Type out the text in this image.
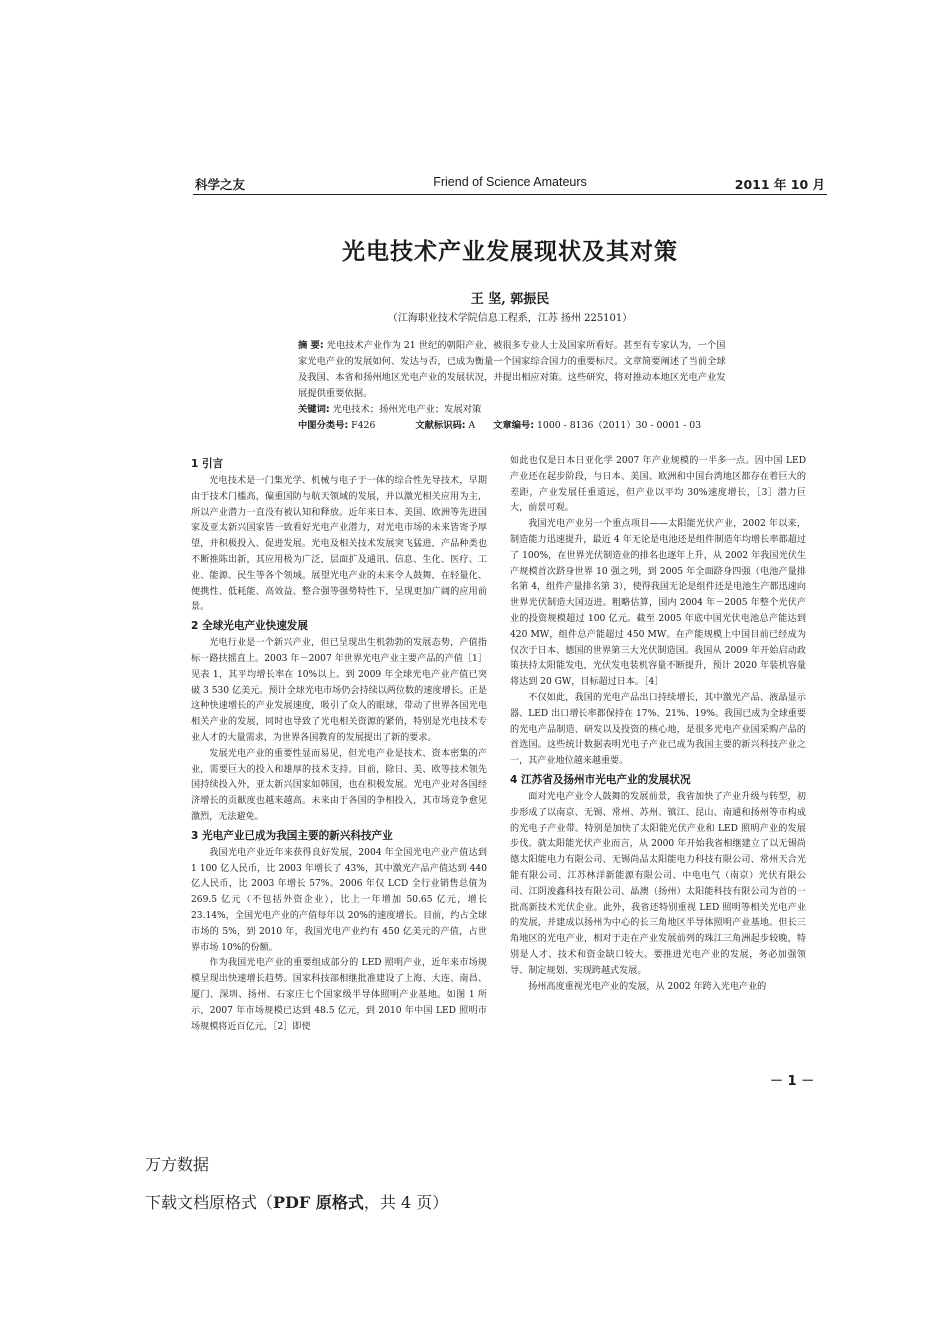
科学之友	Friend of Science Amateurs	2011 年 10 月
光电技术产业发展现状及其对策
王 坚, 郭振民
（江海职业技术学院信息工程系，江苏 扬州 225101）
摘 要: 光电技术产业作为 21 世纪的朝阳产业，被很多专业人士及国家所看好。甚至有专家认为，一个国家光电产业的发展如何、发达与否，已成为衡量一个国家综合国力的重要标尺。文章简要阐述了当前全球及我国、本省和扬州地区光电产业的发展状况，并提出相应对策。这些研究，将对推动本地区光电产业发展提供重要依据。
关键词: 光电技术；扬州光电产业；发展对策
中图分类号: F426	文献标识码: A 文章编号: 1000 - 8136（2011）30 - 0001 - 03
1 引言

光电技术是一门集光学、机械与电子于一体的综合性先导技术，早期由于技术门槛高，偏重国防与航天领域的发展，并以激光相关应用为主，所以产业潜力一直没有被认知和释放。近年来日本、美国、欧洲等先进国家及亚太新兴国家皆一致看好光电产业潜力，对光电市场的未来皆寄予厚望，并积极投入、促进发展。光电及相关技术发展突飞猛进，产品种类也不断推陈出新，其应用极为广泛，层面扩及通讯、信息、生化、医疗、工业、能源、民生等各个领域。展望光电产业的未来令人鼓舞，在轻量化、便携性、低耗能、高效益、整合强等强势特性下，呈现更加广阔的应用前景。

2 全球光电产业快速发展

光电行业是一个新兴产业，但已呈现出生机勃勃的发展态势，产值指标一路扶摇直上。2003 年－2007 年世界光电产业主要产品的产值［1］见表 1，其平均增长率在 10%以上。到 2009 年全球光电产业产值已突破 3 530 亿美元。预计全球光电市场仍会持续以两位数的速度增长。正是这种快速增长的产业发展速度，吸引了众人的眼球，带动了世界各国光电相关产业的发展，同时也导致了光电相关资源的紧俏，特别是光电技术专业人才的大量需求，为世界各国教育的发展提出了新的要求。

发展光电产业的重要性显而易见，但光电产业是技术、资本密集的产业，需要巨大的投入和雄厚的技术支持。目前，除日、美、欧等技术领先国持续投入外，亚太新兴国家如韩国，也在积极发展。光电产业对各国经济增长的贡献度也越来越高。未来由于各国的争相投入，其市场竞争愈见激烈，无法避免。

3 光电产业已成为我国主要的新兴科技产业

我国光电产业近年来获得良好发展，2004 年全国光电产业产值达到 1 100 亿人民币，比 2003 年增长了 43%，其中激光产品产值达到 440 亿人民币，比 2003 年增长 57%。2006 年仅 LCD 全行业销售总值为 269.5 亿元（不包括外资企业），比上一年增加 50.65 亿元，增长 23.14%，全国光电产业的产值每年以 20%的速度增长。目前，约占全球市场的 5%，到 2010 年，我国光电产业约有 450 亿美元的产值，占世界市场 10%的份额。

作为我国光电产业的重要组成部分的 LED 照明产业，近年来市场规模呈现出快速增长趋势。国家科技部相继批准建设了上海、大连、南昌、厦门、深圳、扬州、石家庄七个国家级半导体照明产业基地。如图 1 所示，2007 年市场规模已达到 48.5 亿元，到 2010 年中国 LED 照明市场规模将近百亿元，［2］即使

如此也仅是日本日亚化学 2007 年产业规模的一半多一点。因中国 LED 产业还在起步阶段，与日本、美国、欧洲和中国台湾地区都存在着巨大的差距，产业发展任重道远，但产业以平均 30%速度增长，［3］潜力巨大，前景可观。

我国光电产业另一个重点项目——太阳能光伏产业，2002 年以来，制造能力迅速提升，最近 4 年无论是电池还是组件制造年均增长率都超过了 100%，在世界光伏制造业的排名也逐年上升，从 2002 年我国光伏生产规模首次跻身世界 10 强之列，到 2005 年全面跻身四强（电池产量排名第 4，组件产量排名第 3），使得我国无论是组件还是电池生产都迅速向世界光伏制造大国迈进。粗略估算，国内 2004 年－2005 年整个光伏产业的投资规模超过 100 亿元。截至 2005 年底中国光伏电池总产能达到 420 MW，组件总产能超过 450 MW。在产能规模上中国目前已经成为仅次于日本、德国的世界第三大光伏制造国。我国从 2009 年开始启动政策扶持太阳能发电，光伏发电装机容量不断提升，预计 2020 年装机容量将达到 20 GW，目标超过日本。［4］

不仅如此，我国的光电产品出口持续增长，其中激光产品、液晶显示器、LED 出口增长率都保持在 17%、21%、19%。我国已成为全球重要的光电产品制造、研发以及投资的核心地，是很多光电产业国采购产品的首选国。这些统计数据表明光电子产业已成为我国主要的新兴科技产业之一，其产业地位越来越重要。

4 江苏省及扬州市光电产业的发展状况

面对光电产业令人鼓舞的发展前景，我省加快了产业升级与转型，初步形成了以南京、无锡、常州、苏州、镇江、昆山、南通和扬州等市构成的光电子产业带。特别是加快了太阳能光伏产业和 LED 照明产业的发展步伐。就太阳能光伏产业而言，从 2000 年开始我省相继建立了以无锡尚德太阳能电力有限公司、无锡尚品太阳能电力科技有限公司、常州天合光能有限公司、江苏林洋新能源有限公司、中电电气（南京）光伏有限公司、江阴浚鑫科技有限公司、晶澳（扬州）太阳能科技有限公司为首的一批高新技术光伏企业。此外，我省还特别重视 LED 照明等相关光电产业的发展，并建成以扬州为中心的长三角地区半导体照明产业基地。但长三角地区的光电产业，相对于走在产业发展前列的珠江三角洲起步较晚，特别是人才、技术和资金缺口较大。要推进光电产业的发展，务必加强领导、制定规划、实现跨越式发展。

扬州高度重视光电产业的发展，从 2002 年跨入光电产业的

－ 1 －
万方数据
下载文档原格式（PDF 原格式，共 4 页）
